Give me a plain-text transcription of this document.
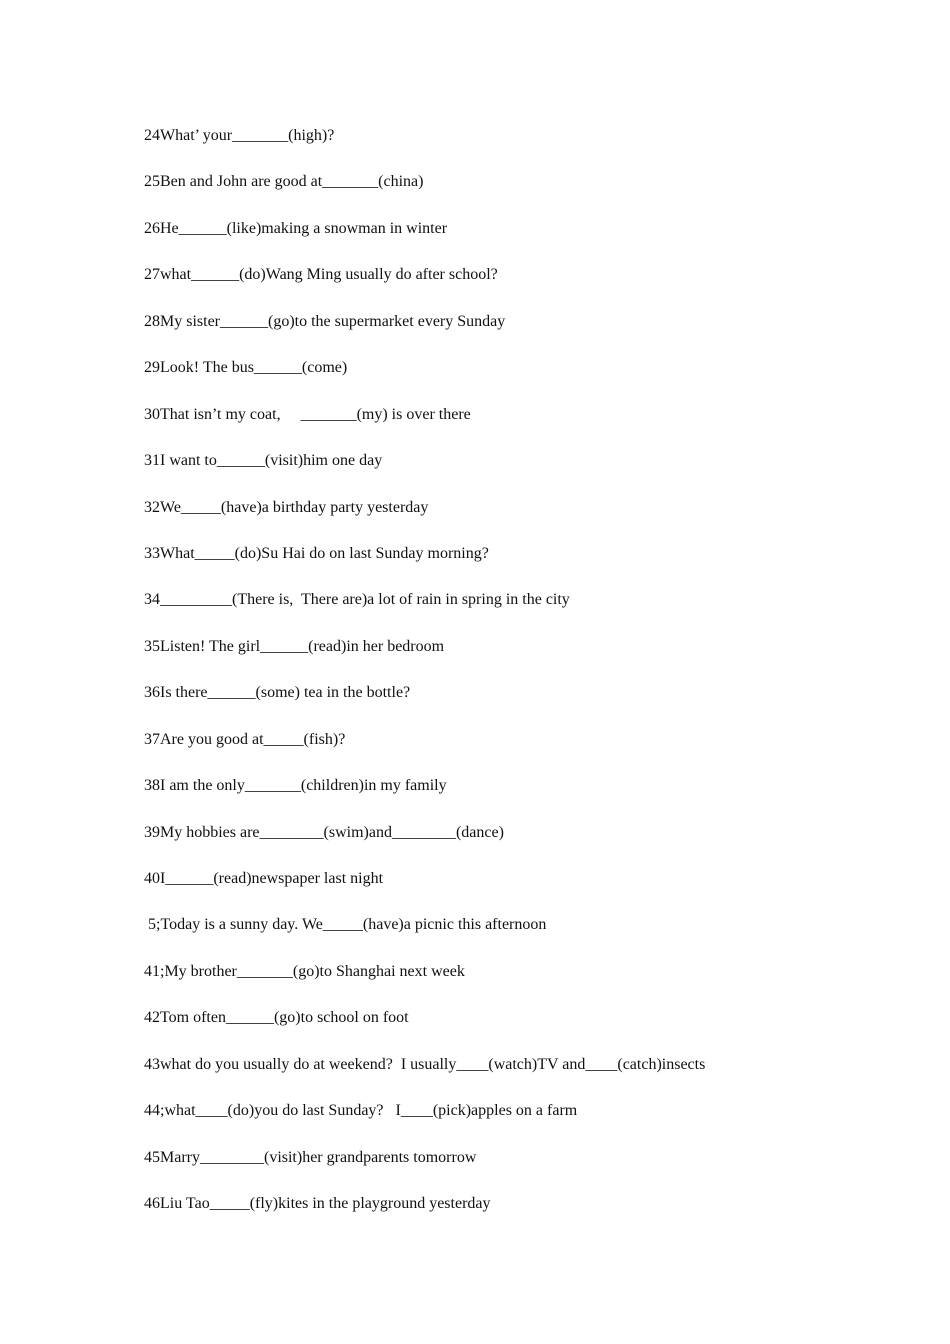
24What’ your_______(high)?
25Ben and John are good at_______(china)
26He______(like)making a snowman in winter
27what______(do)Wang Ming usually do after school?
28My sister______(go)to the supermarket every Sunday
29Look! The bus______(come)
30That isn’t my coat,     _______(my) is over there
31I want to______(visit)him one day
32We_____(have)a birthday party yesterday
33What_____(do)Su Hai do on last Sunday morning?
34_________(There is,  There are)a lot of rain in spring in the city
35Listen! The girl______(read)in her bedroom
36Is there______(some) tea in the bottle?
37Are you good at_____(fish)?
38I am the only_______(children)in my family
39My hobbies are________(swim)and________(dance)
40I______(read)newspaper last night
5;Today is a sunny day. We_____(have)a picnic this afternoon
41;My brother_______(go)to Shanghai next week
42Tom often______(go)to school on foot
43what do you usually do at weekend?  I usually____(watch)TV and____(catch)insects
44;what____(do)you do last Sunday?   I____(pick)apples on a farm
45Marry________(visit)her grandparents tomorrow
46Liu Tao_____(fly)kites in the playground yesterday
